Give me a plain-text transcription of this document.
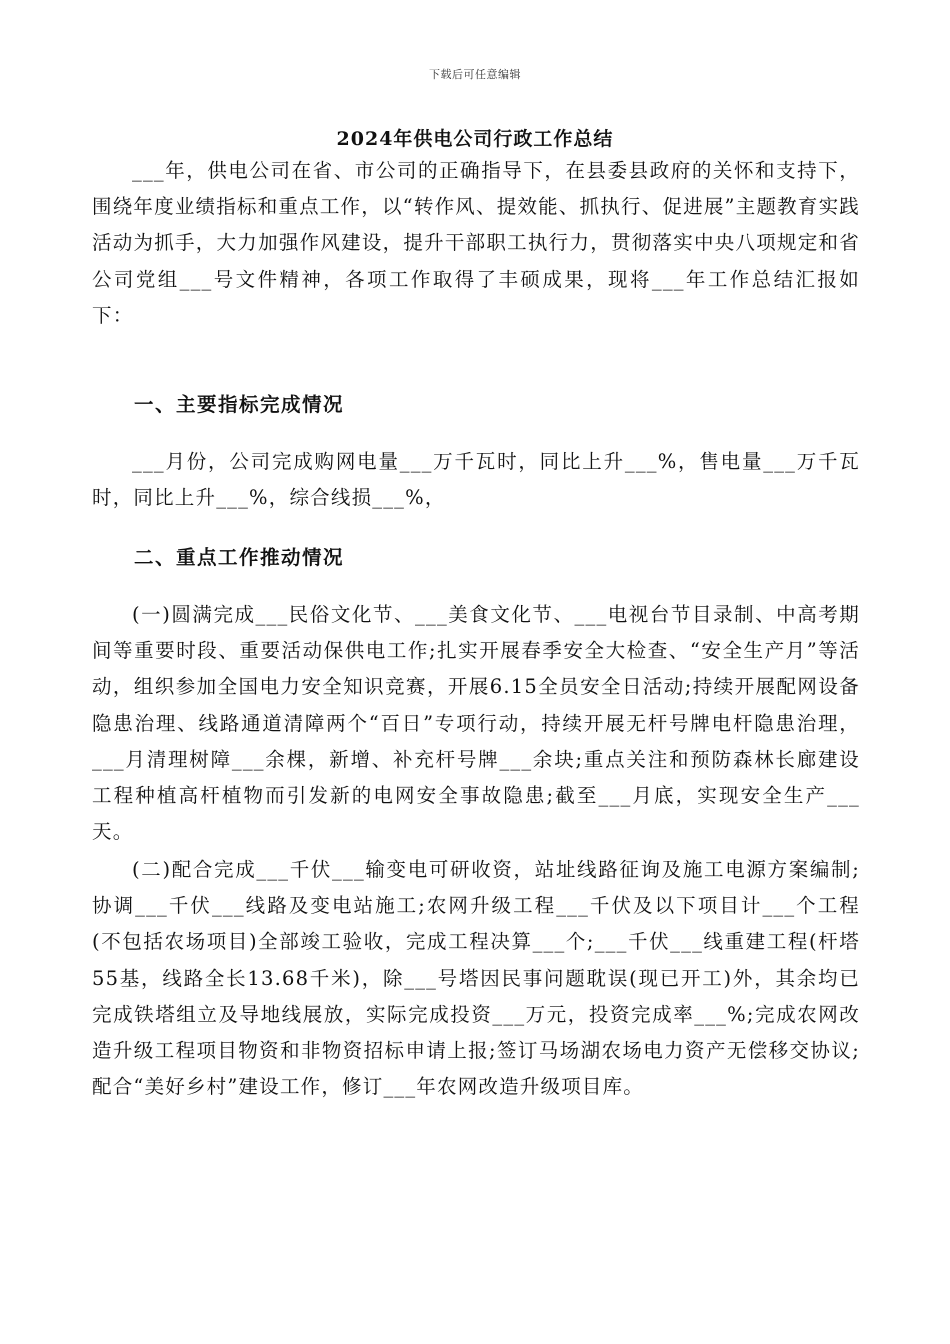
下载后可任意编辑
2024年供电公司行政工作总结

___年，供电公司在省、市公司的正确指导下，在县委县政府的关怀和支持下，围绕年度业绩指标和重点工作，以“转作风、提效能、抓执行、促进展”主题教育实践活动为抓手，大力加强作风建设，提升干部职工执行力，贯彻落实中央八项规定和省公司党组___号文件精神，各项工作取得了丰硕成果，现将___年工作总结汇报如下：

一、主要指标完成情况

___月份，公司完成购网电量___万千瓦时，同比上升___%，售电量___万千瓦时，同比上升___%，综合线损___%，

二、重点工作推动情况

(一)圆满完成___民俗文化节、___美食文化节、___电视台节目录制、中高考期间等重要时段、重要活动保供电工作;扎实开展春季安全大检查、“安全生产月”等活动，组织参加全国电力安全知识竞赛，开展6.15全员安全日活动;持续开展配网设备隐患治理、线路通道清障两个“百日”专项行动，持续开展无杆号牌电杆隐患治理，___月清理树障___余棵，新增、补充杆号牌___余块;重点关注和预防森林长廊建设工程种植高杆植物而引发新的电网安全事故隐患;截至___月底，实现安全生产___天。

(二)配合完成___千伏___输变电可研收资，站址线路征询及施工电源方案编制;协调___千伏___线路及变电站施工;农网升级工程___千伏及以下项目计___个工程(不包括农场项目)全部竣工验收，完成工程决算___个;___千伏___线重建工程(杆塔55基，线路全长13.68千米)，除___号塔因民事问题耽误(现已开工)外，其余均已完成铁塔组立及导地线展放，实际完成投资___万元，投资完成率___%;完成农网改造升级工程项目物资和非物资招标申请上报;签订马场湖农场电力资产无偿移交协议;配合“美好乡村”建设工作，修订___年农网改造升级项目库。
